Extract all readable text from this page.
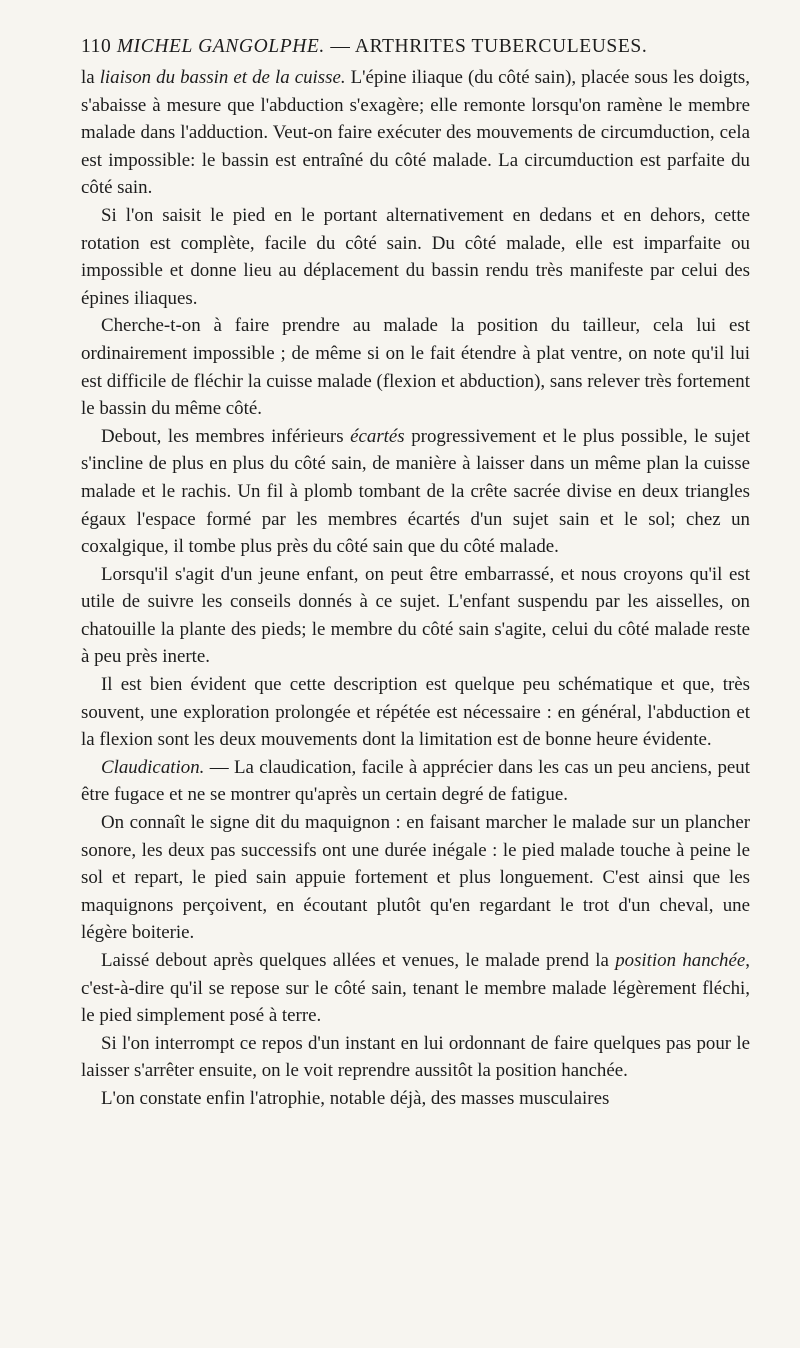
110 MICHEL GANGOLPHE. — ARTHRITES TUBERCULEUSES.

la liaison du bassin et de la cuisse. L'épine iliaque (du côté sain), placée sous les doigts, s'abaisse à mesure que l'abduction s'exagère; elle remonte lorsqu'on ramène le membre malade dans l'adduction. Veut-on faire exécuter des mouvements de circumduction, cela est impossible: le bassin est entraîné du côté malade. La circumduction est parfaite du côté sain.

Si l'on saisit le pied en le portant alternativement en dedans et en dehors, cette rotation est complète, facile du côté sain. Du côté malade, elle est imparfaite ou impossible et donne lieu au déplacement du bassin rendu très manifeste par celui des épines iliaques.

Cherche-t-on à faire prendre au malade la position du tailleur, cela lui est ordinairement impossible ; de même si on le fait étendre à plat ventre, on note qu'il lui est difficile de fléchir la cuisse malade (flexion et abduction), sans relever très fortement le bassin du même côté.

Debout, les membres inférieurs écartés progressivement et le plus possible, le sujet s'incline de plus en plus du côté sain, de manière à laisser dans un même plan la cuisse malade et le rachis. Un fil à plomb tombant de la crête sacrée divise en deux triangles égaux l'espace formé par les membres écartés d'un sujet sain et le sol; chez un coxalgique, il tombe plus près du côté sain que du côté malade.

Lorsqu'il s'agit d'un jeune enfant, on peut être embarrassé, et nous croyons qu'il est utile de suivre les conseils donnés à ce sujet. L'enfant suspendu par les aisselles, on chatouille la plante des pieds; le membre du côté sain s'agite, celui du côté malade reste à peu près inerte.

Il est bien évident que cette description est quelque peu schématique et que, très souvent, une exploration prolongée et répétée est nécessaire : en général, l'abduction et la flexion sont les deux mouvements dont la limitation est de bonne heure évidente.

Claudication. — La claudication, facile à apprécier dans les cas un peu anciens, peut être fugace et ne se montrer qu'après un certain degré de fatigue.

On connaît le signe dit du maquignon : en faisant marcher le malade sur un plancher sonore, les deux pas successifs ont une durée inégale : le pied malade touche à peine le sol et repart, le pied sain appuie fortement et plus longuement. C'est ainsi que les maquignons perçoivent, en écoutant plutôt qu'en regardant le trot d'un cheval, une légère boiterie.

Laissé debout après quelques allées et venues, le malade prend la position hanchée, c'est-à-dire qu'il se repose sur le côté sain, tenant le membre malade légèrement fléchi, le pied simplement posé à terre.

Si l'on interrompt ce repos d'un instant en lui ordonnant de faire quelques pas pour le laisser s'arrêter ensuite, on le voit reprendre aussitôt la position hanchée.

L'on constate enfin l'atrophie, notable déjà, des masses musculaires
